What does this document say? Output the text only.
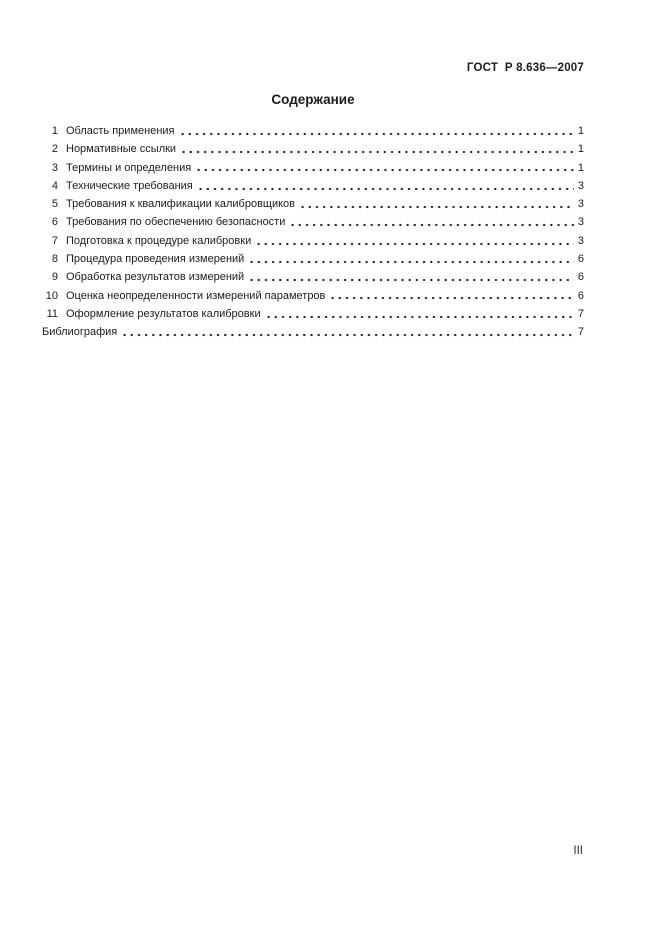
ГОСТ  Р 8.636—2007
Содержание
1 Область применения	1
2 Нормативные ссылки	1
3 Термины и определения	1
4 Технические требования	3
5 Требования к квалификации калибровщиков	3
6 Требования по обеспечению безопасности	3
7 Подготовка к процедуре калибровки	3
8 Процедура проведения измерений	6
9 Обработка результатов измерений	6
10 Оценка неопределенности измерений параметров	6
11 Оформление результатов калибровки	7
Библиография	7
III
